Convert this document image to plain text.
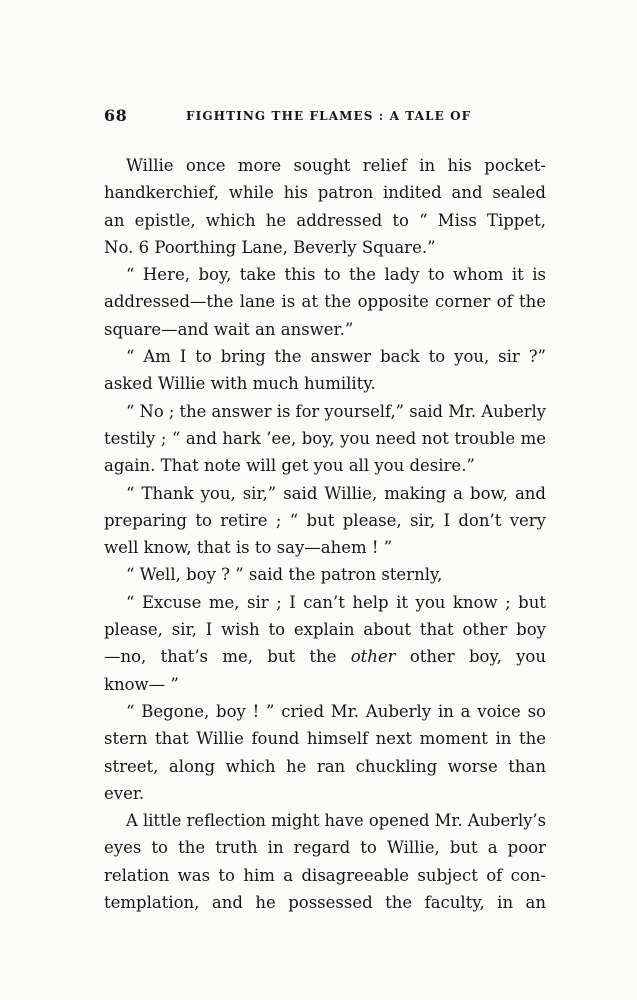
68	FIGHTING THE FLAMES : A TALE OF
Willie once more sought relief in his pocket-
handkerchief, while his patron indited and sealed
an epistle, which he addressed to “ Miss Tippet,
No. 6 Poorthing Lane, Beverly Square.”
“ Here, boy, take this to the lady to whom it is
addressed—the lane is at the opposite corner of the
square—and wait an answer.”
“ Am I to bring the answer back to you, sir ?”
asked Willie with much humility.
“ No ; the answer is for yourself,” said Mr. Auberly
testily ; “ and hark ’ee, boy, you need not trouble me
again. That note will get you all you desire.”
“ Thank you, sir,” said Willie, making a bow, and
preparing to retire ; “ but please, sir, I don’t very
well know, that is to say—ahem ! ”
“ Well, boy ? ” said the patron sternly,
“ Excuse me, sir ; I can’t help it you know ; but
please, sir, I wish to explain about that other boy
—no, that’s me, but the other other boy, you
know— ”
“ Begone, boy ! ” cried Mr. Auberly in a voice so
stern that Willie found himself next moment in the
street, along which he ran chuckling worse than
ever.
A little reflection might have opened Mr. Auberly’s
eyes to the truth in regard to Willie, but a poor
relation was to him a disagreeable subject of con-
templation, and he possessed the faculty, in an
